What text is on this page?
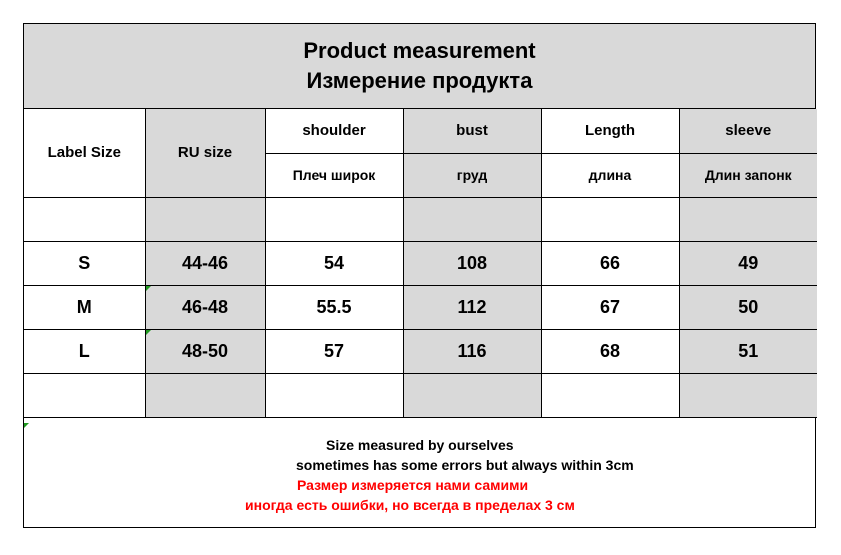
Product measurement
Измерение продукта
Label Size	RU size	shoulder	bust	Length	sleeve
		Плеч широк	груд	длина	Длин запонк

S	44-46	54	108	66	49
M	46-48	55.5	112	67	50
L	48-50	57	116	68	51

Size measured by ourselves
sometimes has some errors but always within 3cm
Размер измеряется нами самими
иногда есть ошибки, но всегда в пределах 3 см
